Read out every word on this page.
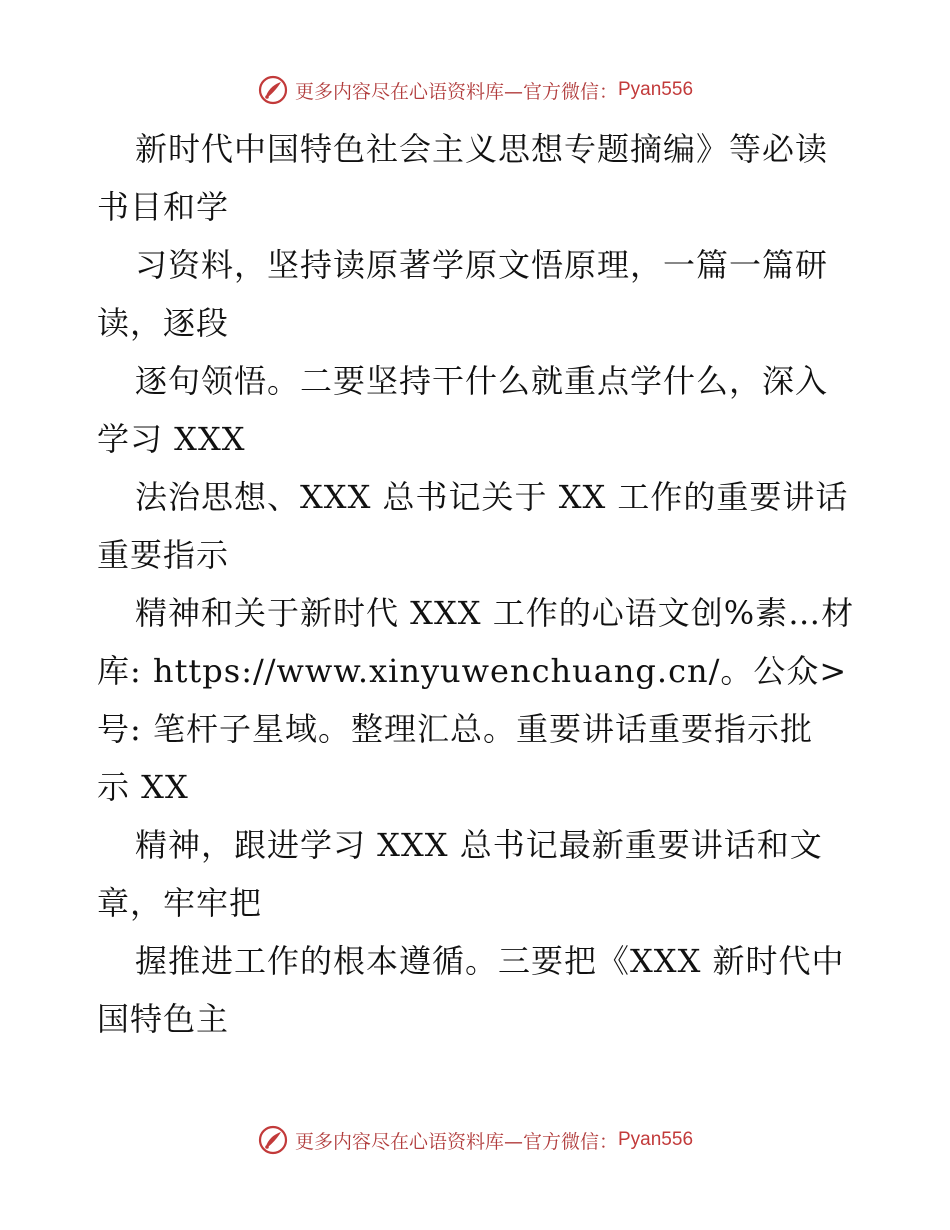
更多内容尽在心语资料库—官方微信： Pyan556
新时代中国特色社会主义思想专题摘编》等必读
书目和学
习资料，坚持读原著学原文悟原理，一篇一篇研
读，逐段
逐句领悟。二要坚持干什么就重点学什么，深入
学习 XXX
法治思想、XXX 总书记关于 XX 工作的重要讲话
重要指示
精神和关于新时代 XXX 工作的心语文创%素…材
库: https://www.xinyuwenchuang.cn/。公众>
号: 笔杆子星域。整理汇总。重要讲话重要指示批
示 XX
精神，跟进学习 XXX 总书记最新重要讲话和文
章，牢牢把
握推进工作的根本遵循。三要把《XXX 新时代中
国特色主
更多内容尽在心语资料库—官方微信： Pyan556
